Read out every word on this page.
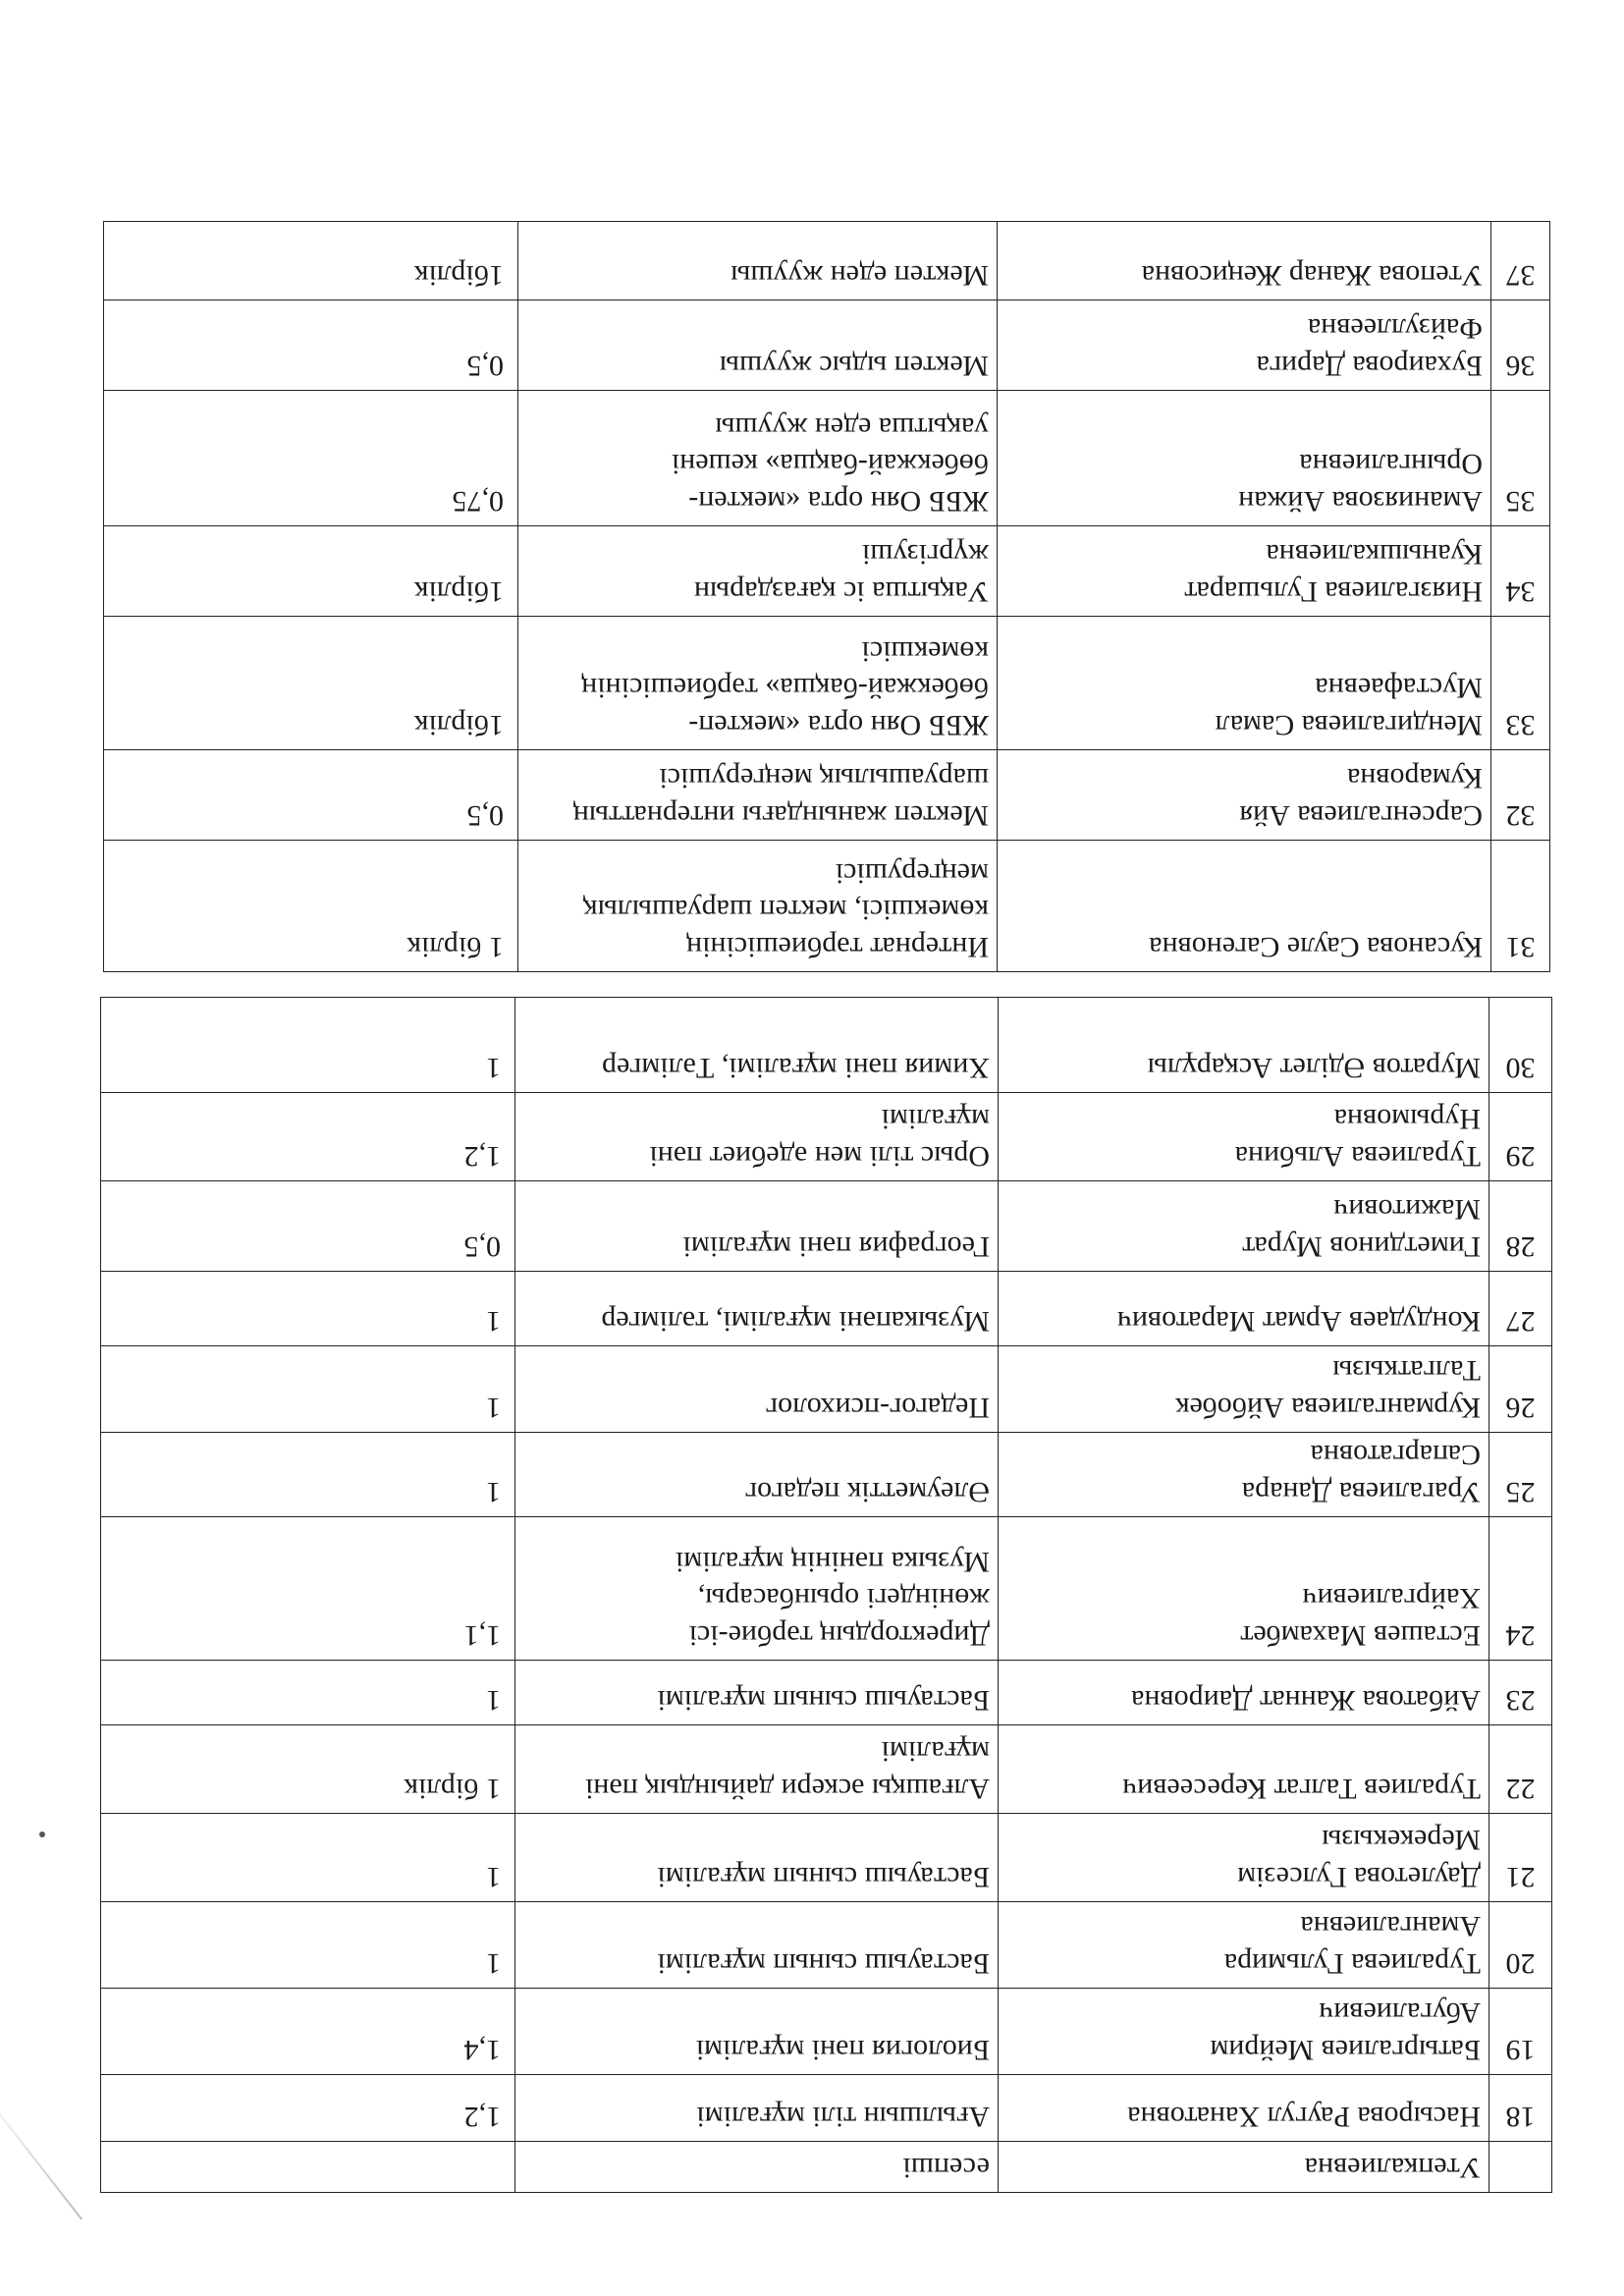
	Утепкалиевна	есепші	

18	Насырова Раугул Ханатовна	Ағылшын тілі мұғалімі	1,2
19	Батыргалиев Мейрим
Абугалиевич	Биология пәні мұғалімі	1,4
20	Туралиева Гульмира
Амангалиевна	Бастауыш сынып мұғалімі	1
21	Даулетова Гулсезім
Мерекекызы	Бастауыш сынып мұғалімі	1
22	Туралиев Талгат Кересеевич	Алғашқы әскери дайындық пәні
мұғалімі	1 бірлік
23	Айбатова Жаннат Даировна	Бастауыш сынып мұғалімі	1
24	Есташев Махамбет
Хайргалиевич	Директордың тәрбие-ісі
жөніндегі орынбасары,
Музыка пәнінің мұғалімі	1,1
25	Урагалиева Данара
Сапаргатовна	Әлеуметтік педагог	1
26	Курмангалиева Айбобек
Талгаткызы	Педагог-психолог	1
27	Кондудаев Армат Маратович	Музыкапәні мұғалімі, тәлімгер	1
28	Гиметдинов Мурат
Мажитович	География пәні мұғалімі	0,5
29	Туралиева Альбина
Нурымовна	Орыс тілі мен әдебиет пәні
мұғалімі	1,2
30	Муратов Әділет Асқарұлы	Химия пәні мұғалімі, Тәлімгер	1
31	Кусанова Сауле Сагеновна	Интернат тәрбиешісінің
көмекшісі, мектеп шаруашылық
меңгерушісі	1 бірлік
32	Сарсенгалиева Айя
Кумаровна	Мектеп жанындағы интернаттың
шаруашылық меңгерушісі	0,5
33	Мендигалиева Самал
Мустафаевна	ЖББ Оян орта «мектеп-
бөбекжай-бақша» тәрбиешісінің
көмекшісі	1бірлік
34	Ниязгалиева Гульшарат
Куанышкалиевна	Уақытша іс қағаздарын
жүргізуші	1бірлік
35	Аманиязова Айжан
Орынгалиевна	ЖББ Оян орта «мектеп-
бөбекжай-бақша» кешені
уақытша еден жуушы	0,75
36	Бухаирова Дарига
Файзуллеевна	Мектеп ыдыс жуушы	0,5
37	Утепова Жанар Жеңисовна	Мектеп еден жуушы	1бірлік
